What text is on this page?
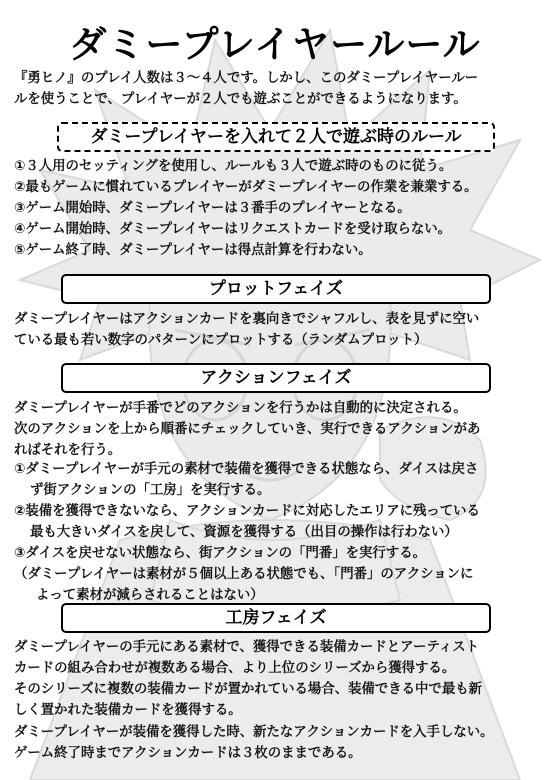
ダミープレイヤールール
『勇ヒノ』のプレイ人数は３～４人です。しかし、このダミープレイヤールー
ルを使うことで、プレイヤーが２人でも遊ぶことができるようになります。
ダミープレイヤーを入れて２人で遊ぶ時のルール
①３人用のセッティングを使用し、ルールも３人で遊ぶ時のものに従う。
②最もゲームに慣れているプレイヤーがダミープレイヤーの作業を兼業する。
③ゲーム開始時、ダミープレイヤーは３番手のプレイヤーとなる。
④ゲーム開始時、ダミープレイヤーはリクエストカードを受け取らない。
⑤ゲーム終了時、ダミープレイヤーは得点計算を行わない。
プロットフェイズ
ダミープレイヤーはアクションカードを裏向きでシャフルし、表を見ずに空い
ている最も若い数字のパターンにプロットする（ランダムプロット）
アクションフェイズ
ダミープレイヤーが手番でどのアクションを行うかは自動的に決定される。
次のアクションを上から順番にチェックしていき、実行できるアクションがあ
ればそれを行う。
①ダミープレイヤーが手元の素材で装備を獲得できる状態なら、ダイスは戻さ
ず街アクションの「工房」を実行する。
②装備を獲得できないなら、アクションカードに対応したエリアに残っている
最も大きいダイスを戻して、資源を獲得する（出目の操作は行わない）
③ダイスを戻せない状態なら、街アクションの「門番」を実行する。
（ダミープレイヤーは素材が５個以上ある状態でも、「門番」のアクションに
よって素材が減らされることはない）
工房フェイズ
ダミープレイヤーの手元にある素材で、獲得できる装備カードとアーティスト
カードの組み合わせが複数ある場合、より上位のシリーズから獲得する。
そのシリーズに複数の装備カードが置かれている場合、装備できる中で最も新
しく置かれた装備カードを獲得する。
ダミープレイヤーが装備を獲得した時、新たなアクションカードを入手しない。
ゲーム終了時までアクションカードは３枚のままである。
